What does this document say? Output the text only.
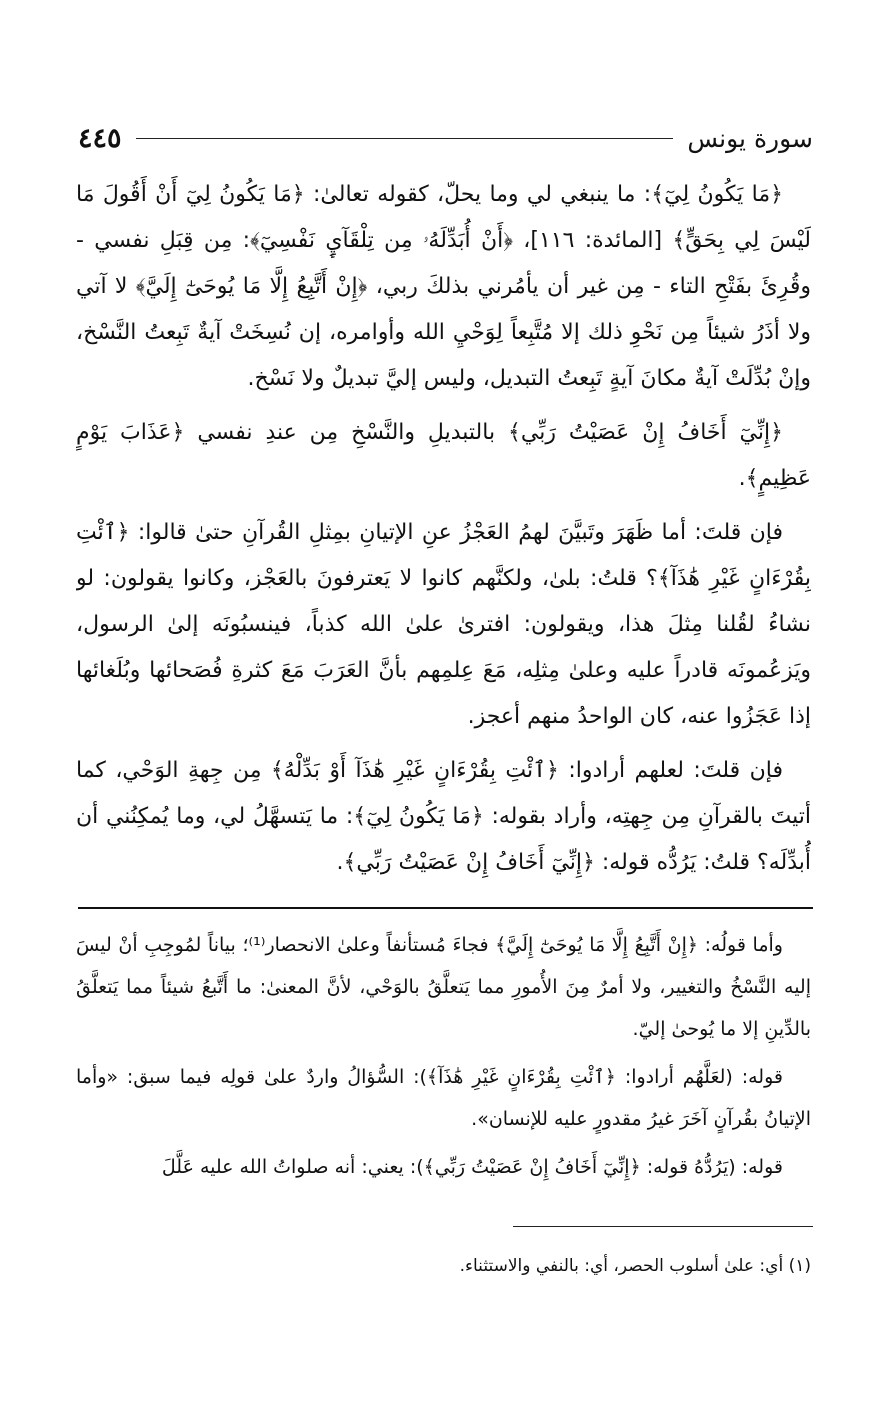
سورة يونس
٤٤٥

﴿مَا يَكُونُ لِيٓ﴾: ما ينبغي لي وما يحلّ، كقوله تعالىٰ: ﴿مَا يَكُونُ لِيٓ أَنْ أَقُولَ مَا لَيْسَ لِي بِحَقٍّ﴾ [المائدة: ١١٦]، ﴿أَنْ أُبَدِّلَهُۥ مِن تِلْقَآيِٕ نَفْسِيٓ﴾: مِن قِبَلِ نفسي - وقُرِئَ بفَتْحِ التاء - مِن غير أن يأمُرني بذلكَ ربي، ﴿إِنْ أَتَّبِعُ إِلَّا مَا يُوحَىٰٓ إِلَيَّ﴾ لا آتي ولا أذَرُ شيئاً مِن نَحْوِ ذلك إلا مُتَّبِعاً لِوَحْيِ الله وأوامره، إن نُسِخَتْ آيةٌ تَبِعتُ النَّسْخ، وإنْ بُدِّلَتْ آيةٌ مكانَ آيةٍ تَبِعتُ التبديل، وليس إليَّ تبديلٌ ولا نَسْخ.

﴿إِنِّيٓ أَخَافُ إِنْ عَصَيْتُ رَبِّي﴾ بالتبديلِ والنَّسْخِ مِن عندِ نفسي ﴿عَذَابَ يَوْمٍ عَظِيمٍ﴾.

فإن قلتَ: أما ظَهَرَ وتَبيَّنَ لهمُ العَجْزُ عنِ الإتيانِ بمِثلِ القُرآنِ حتىٰ قالوا: ﴿ٱئْتِ بِقُرْءَانٍ غَيْرِ هَٰذَآ﴾؟ قلتُ: بلىٰ، ولكنَّهم كانوا لا يَعترفونَ بالعَجْز، وكانوا يقولون: لو نشاءُ لقُلنا مِثلَ هذا، ويقولون: افترىٰ علىٰ الله كذباً، فينسبُونَه إلىٰ الرسول، ويَزعُمونَه قادراً عليه وعلىٰ مِثلِه، مَعَ عِلمِهم بأنَّ العَرَبَ مَعَ كثرةِ فُصَحائها وبُلَغائها إذا عَجَزُوا عنه، كان الواحدُ منهم أعجز.

فإن قلتَ: لعلهم أرادوا: ﴿ٱئْتِ بِقُرْءَانٍ غَيْرِ هَٰذَآ أَوْ بَدِّلْهُ﴾ مِن جِهةِ الوَحْي، كما أتيتَ بالقرآنِ مِن جِهتِه، وأراد بقوله: ﴿مَا يَكُونُ لِيٓ﴾: ما يَتسهَّلُ لي، وما يُمكِنُني أن أُبدِّلَه؟ قلتُ: يَرُدُّه قوله: ﴿إِنِّيٓ أَخَافُ إِنْ عَصَيْتُ رَبِّي﴾.

وأما قولُه: ﴿إِنْ أَتَّبِعُ إِلَّا مَا يُوحَىٰٓ إِلَيَّ﴾ فجاءَ مُستأنفاً وعلىٰ الانحصار⁽¹⁾؛ بياناً لمُوجِبِ أنْ ليسَ إليه النَّسْخُ والتغيير، ولا أمرٌ مِنَ الأُمورِ مما يَتعلَّقُ بالوَحْي، لأنَّ المعنىٰ: ما أَتَّبعُ شيئاً مما يَتعلَّقُ بالدِّينِ إلا ما يُوحىٰ إليّ.

قوله: (لعَلَّهُم أرادوا: ﴿ٱئْتِ بِقُرْءَانٍ غَيْرِ هَٰذَآ﴾): السُّؤالُ واردٌ علىٰ قولِه فيما سبق: «وأما الإتيانُ بقُرآنٍ آخَرَ غيرُ مقدورٍ عليه للإنسان».

قوله: (يَرُدُّهُ قوله: ﴿إِنِّيٓ أَخَافُ إِنْ عَصَيْتُ رَبِّي﴾): يعني: أنه صلواتُ الله عليه عَلَّلَ

(١) أي: علىٰ أسلوب الحصر، أي: بالنفي والاستثناء.
